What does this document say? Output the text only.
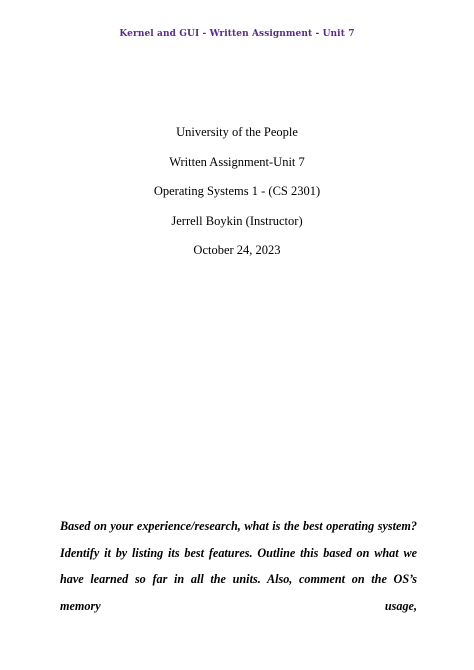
Kernel and GUI - Written Assignment - Unit 7

University of the People

Written Assignment-Unit 7

Operating Systems 1 - (CS 2301)

Jerrell Boykin (Instructor)

October 24, 2023

Based on your experience/research, what is the best operating system? Identify it by listing its best features. Outline this based on what we have learned so far in all the units. Also, comment on the OS’s memory usage,
